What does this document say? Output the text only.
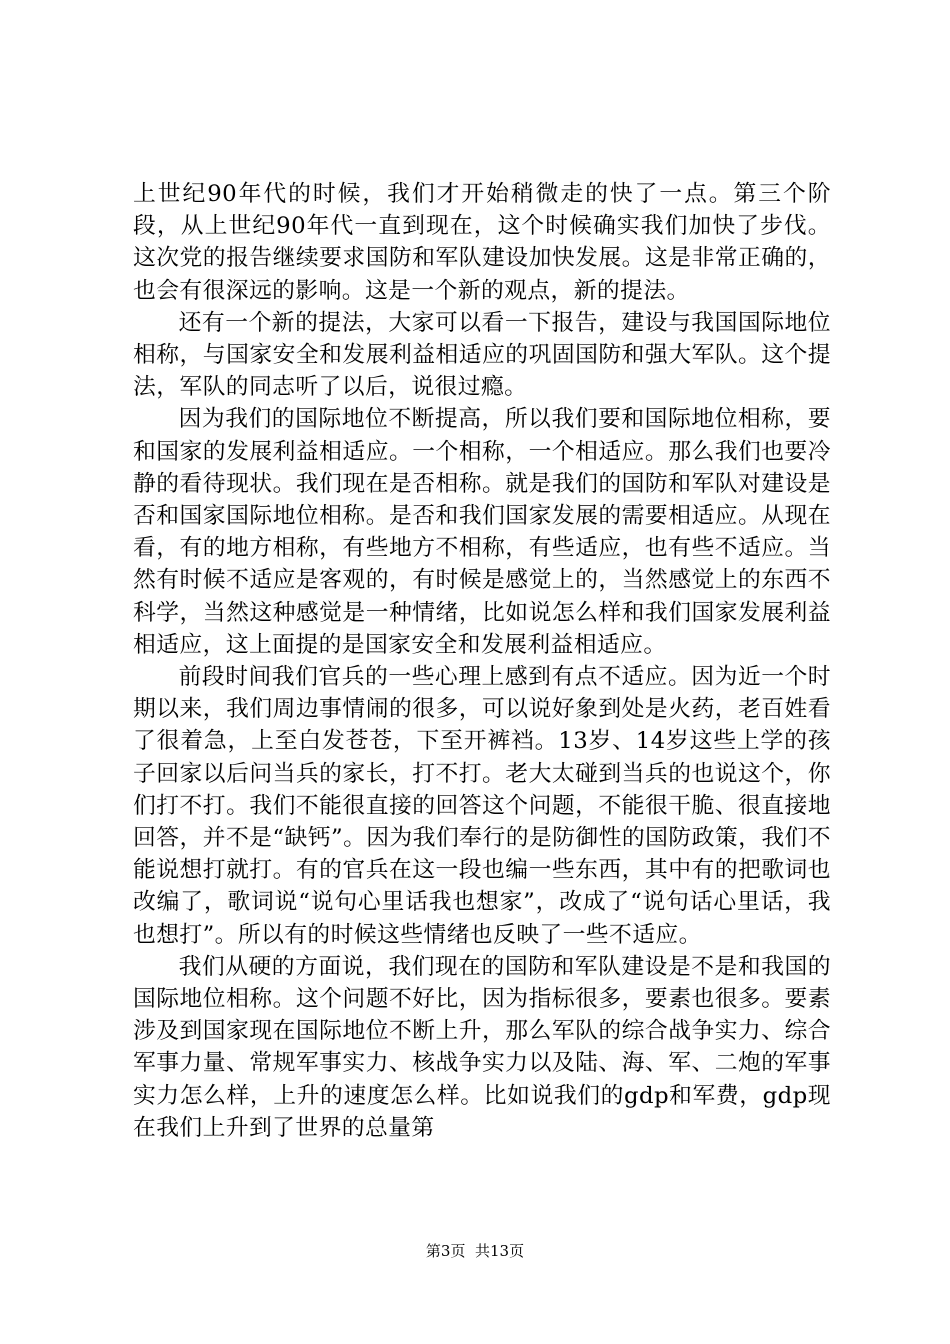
上世纪90年代的时候，我们才开始稍微走的快了一点。第三个阶段，从上世纪90年代一直到现在，这个时候确实我们加快了步伐。这次党的报告继续要求国防和军队建设加快发展。这是非常正确的，也会有很深远的影响。这是一个新的观点，新的提法。

还有一个新的提法，大家可以看一下报告，建设与我国国际地位相称，与国家安全和发展利益相适应的巩固国防和强大军队。这个提法，军队的同志听了以后，说很过瘾。

因为我们的国际地位不断提高，所以我们要和国际地位相称，要和国家的发展利益相适应。一个相称，一个相适应。那么我们也要冷静的看待现状。我们现在是否相称。就是我们的国防和军队对建设是否和国家国际地位相称。是否和我们国家发展的需要相适应。从现在看，有的地方相称，有些地方不相称，有些适应，也有些不适应。当然有时候不适应是客观的，有时候是感觉上的，当然感觉上的东西不科学，当然这种感觉是一种情绪，比如说怎么样和我们国家发展利益相适应，这上面提的是国家安全和发展利益相适应。

前段时间我们官兵的一些心理上感到有点不适应。因为近一个时期以来，我们周边事情闹的很多，可以说好象到处是火药，老百姓看了很着急，上至白发苍苍，下至开裤裆。13岁、14岁这些上学的孩子回家以后问当兵的家长，打不打。老大太碰到当兵的也说这个，你们打不打。我们不能很直接的回答这个问题，不能很干脆、很直接地回答，并不是“缺钙”。因为我们奉行的是防御性的国防政策，我们不能说想打就打。有的官兵在这一段也编一些东西，其中有的把歌词也改编了，歌词说“说句心里话我也想家”，改成了“说句话心里话，我也想打”。所以有的时候这些情绪也反映了一些不适应。

我们从硬的方面说，我们现在的国防和军队建设是不是和我国的国际地位相称。这个问题不好比，因为指标很多，要素也很多。要素涉及到国家现在国际地位不断上升，那么军队的综合战争实力、综合军事力量、常规军事实力、核战争实力以及陆、海、军、二炮的军事实力怎么样，上升的速度怎么样。比如说我们的gdp和军费，gdp现在我们上升到了世界的总量第

第3页  共13页
